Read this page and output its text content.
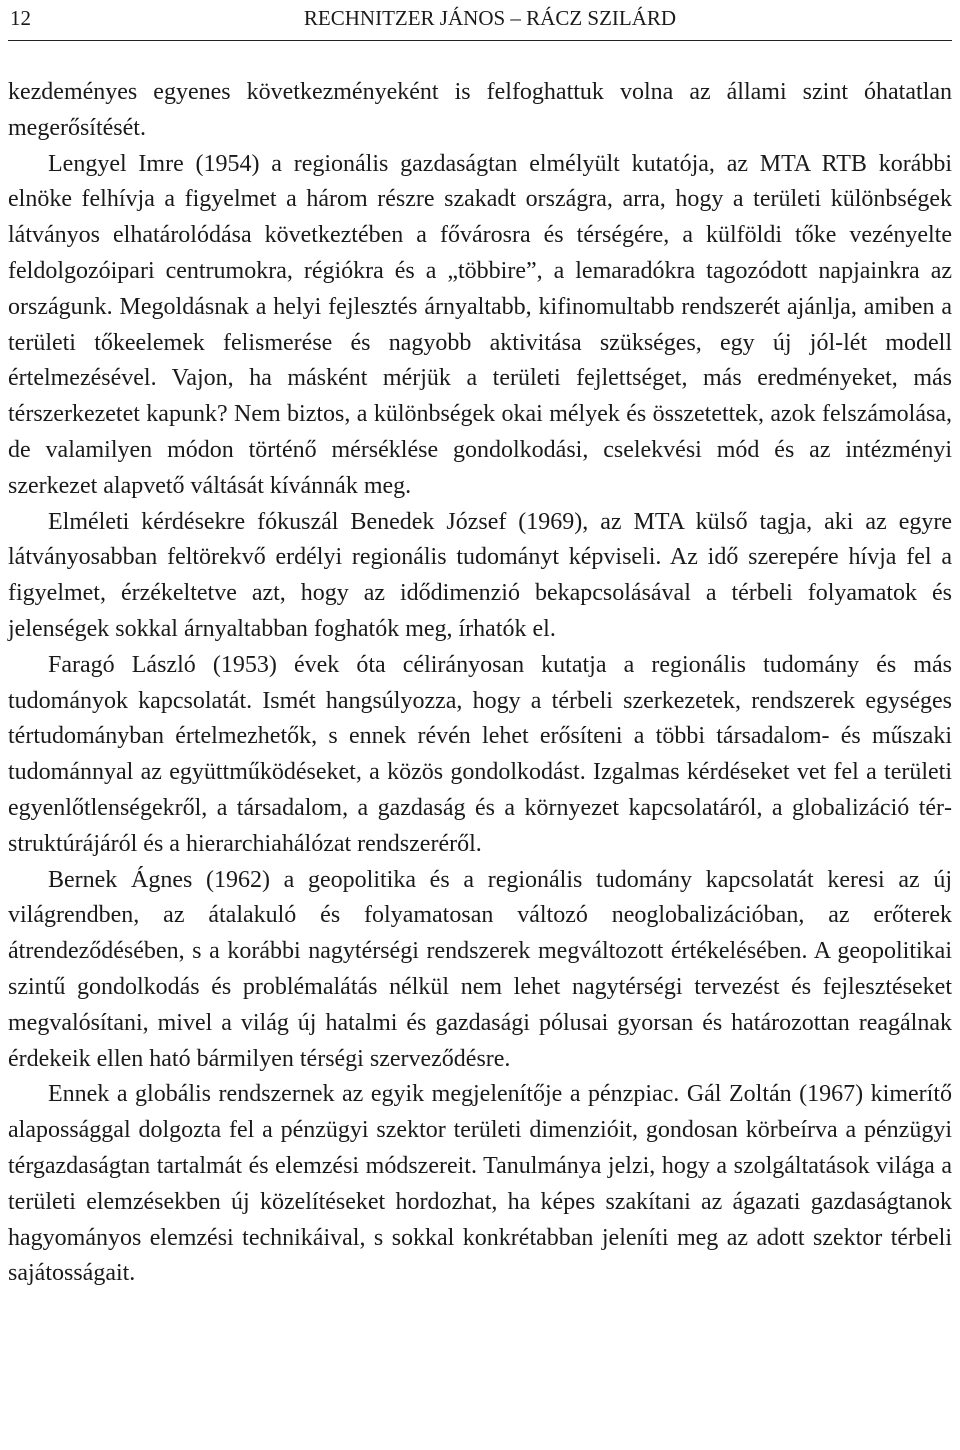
12	RECHNITZER JÁNOS – RÁCZ SZILÁRD

kezdeményes egyenes következményeként is felfoghattuk volna az állami szint óhatatlan megerősítését.

Lengyel Imre (1954) a regionális gazdaságtan elmélyült kutatója, az MTA RTB korábbi elnöke felhívja a figyelmet a három részre szakadt országra, arra, hogy a területi különbségek látványos elhatárolódása következtében a fővárosra és térségére, a külföldi tőke vezényelte feldolgozóipari centrumokra, régiókra és a „többire”, a lemaradókra tagozódott napjainkra az országunk. Megoldásnak a helyi fejlesztés árnyaltabb, kifinomultabb rendszerét ajánlja, amiben a területi tőkeelemek felismerése és nagyobb aktivitása szükséges, egy új jól-lét modell értelmezésével. Vajon, ha másként mérjük a területi fejlettséget, más eredményeket, más térszerkezetet kapunk? Nem biztos, a különbségek okai mélyek és összetettek, azok felszámolása, de valamilyen módon történő mérséklése gondolkodási, cselekvési mód és az intézményi szerkezet alapvető váltását kívánnák meg.

Elméleti kérdésekre fókuszál Benedek József (1969), az MTA külső tagja, aki az egyre látványosabban feltörekvő erdélyi regionális tudományt képviseli. Az idő szerepére hívja fel a figyelmet, érzékeltetve azt, hogy az idődimenzió bekapcsolásával a térbeli folyamatok és jelenségek sokkal árnyaltabban foghatók meg, írhatók el.

Faragó László (1953) évek óta célirányosan kutatja a regionális tudomány és más tudományok kapcsolatát. Ismét hangsúlyozza, hogy a térbeli szerkezetek, rendszerek egységes tértudományban értelmezhetők, s ennek révén lehet erősíteni a többi társadalom- és műszaki tudománnyal az együttműködéseket, a közös gondolkodást. Izgalmas kérdéseket vet fel a területi egyenlőtlenségekről, a társadalom, a gazdaság és a környezet kapcsolatáról, a globalizáció térstruktúrájáról és a hierarchiahálózat rendszeréről.

Bernek Ágnes (1962) a geopolitika és a regionális tudomány kapcsolatát keresi az új világrendben, az átalakuló és folyamatosan változó neoglobalizációban, az erőterek átrendeződésében, s a korábbi nagytérségi rendszerek megváltozott értékelésében. A geopolitikai szintű gondolkodás és problémalátás nélkül nem lehet nagytérségi tervezést és fejlesztéseket megvalósítani, mivel a világ új hatalmi és gazdasági pólusai gyorsan és határozottan reagálnak érdekeik ellen ható bármilyen térségi szerveződésre.

Ennek a globális rendszernek az egyik megjelenítője a pénzpiac. Gál Zoltán (1967) kimerítő alapossággal dolgozta fel a pénzügyi szektor területi dimenzióit, gondosan körbeírva a pénzügyi térgazdaságtan tartalmát és elemzési módszereit. Tanulmánya jelzi, hogy a szolgáltatások világa a területi elemzésekben új közelítéseket hordozhat, ha képes szakítani az ágazati gazdaságtanok hagyományos elemzési technikáival, s sokkal konkrétabban jeleníti meg az adott szektor térbeli sajátosságait.
